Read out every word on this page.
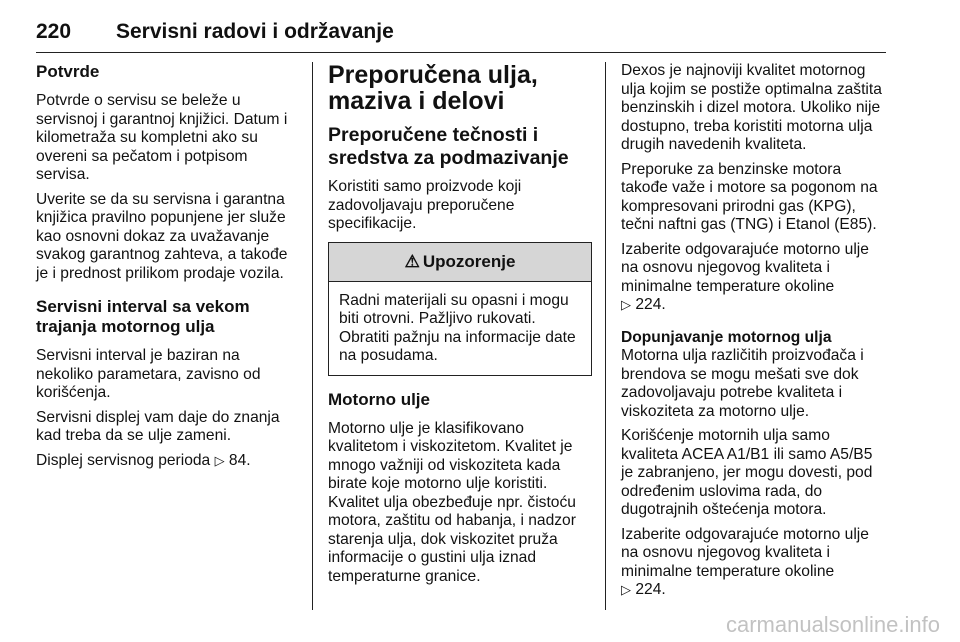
220 Servisni radovi i održavanje
Potvrde

Potvrde o servisu se beleže u servisnoj i garantnoj knjižici. Datum i kilometraža su kompletni ako su overeni sa pečatom i potpisom servisa.

Uverite se da su servisna i garantna knjižica pravilno popunjene jer služe kao osnovni dokaz za uvažavanje svakog garantnog zahteva, a takođe je i prednost prilikom prodaje vozila.

Servisni interval sa vekom trajanja motornog ulja

Servisni interval je baziran na nekoliko parametara, zavisno od korišćenja.

Servisni displej vam daje do znanja kad treba da se ulje zameni.

Displej servisnog perioda ▷ 84.

Preporučena ulja, maziva i delovi
Preporučene tečnosti i sredstva za podmazivanje

Koristiti samo proizvode koji zadovoljavaju preporučene specifikacije.

⚠ Upozorenje

Radni materijali su opasni i mogu biti otrovni. Pažljivo rukovati. Obratiti pažnju na informacije date na posudama.

Motorno ulje

Motorno ulje je klasifikovano kvalitetom i viskozitetom. Kvalitet je mnogo važniji od viskoziteta kada birate koje motorno ulje koristiti. Kvalitet ulja obezbeđuje npr. čistoću motora, zaštitu od habanja, i nadzor starenja ulja, dok viskozitet pruža informacije o gustini ulja iznad temperaturne granice.

Dexos je najnoviji kvalitet motornog ulja kojim se postiže optimalna zaštita benzinskih i dizel motora. Ukoliko nije dostupno, treba koristiti motorna ulja drugih navedenih kvaliteta.

Preporuke za benzinske motora takođe važe i motore sa pogonom na kompresovani prirodni gas (KPG), tečni naftni gas (TNG) i Etanol (E85).

Izaberite odgovarajuće motorno ulje na osnovu njegovog kvaliteta i minimalne temperature okoline
▷ 224.

Dopunjavanje motornog ulja

Motorna ulja različitih proizvođača i brendova se mogu mešati sve dok zadovoljavaju potrebe kvaliteta i viskoziteta za motorno ulje.

Korišćenje motornih ulja samo kvaliteta ACEA A1/B1 ili samo A5/B5 je zabranjeno, jer mogu dovesti, pod određenim uslovima rada, do dugotrajnih oštećenja motora.

Izaberite odgovarajuće motorno ulje na osnovu njegovog kvaliteta i minimalne temperature okoline
▷ 224.

carmanualsonline.info
